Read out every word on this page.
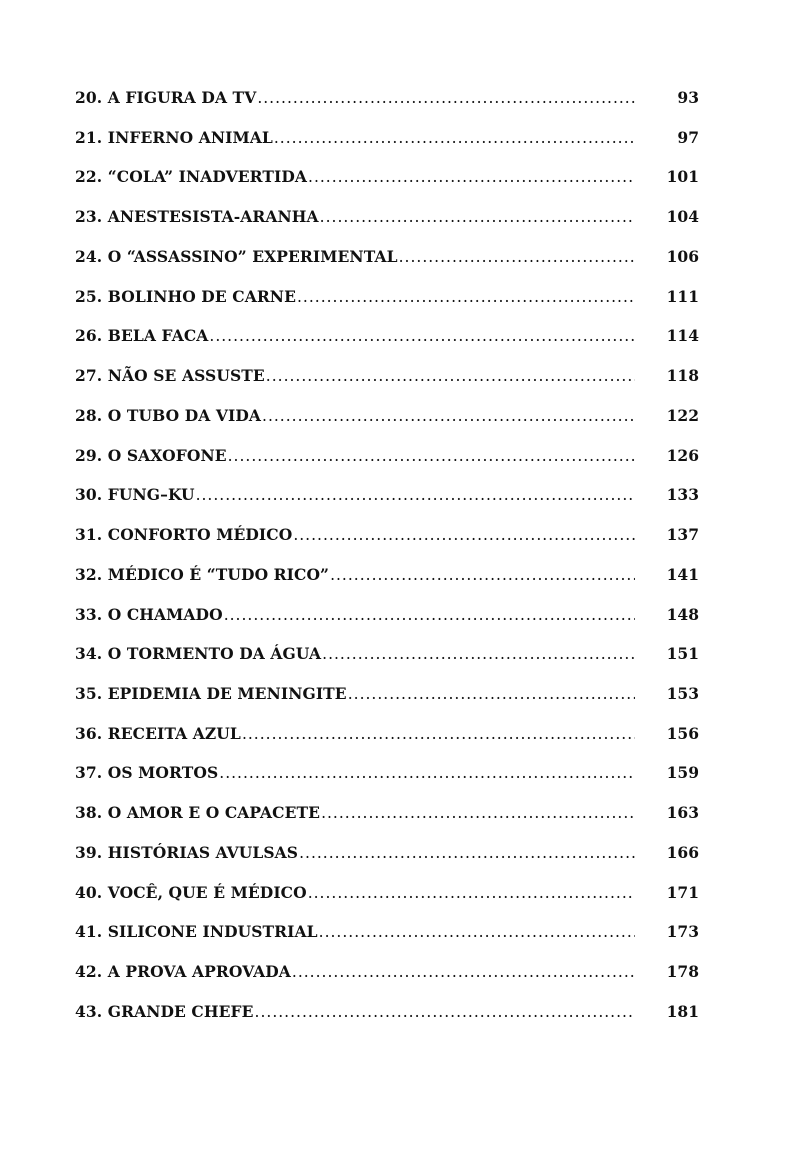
20. A FIGURA DA TV .....	93
21. INFERNO ANIMAL .....	97
22. “COLA” INADVERTIDA .....	101
23. ANESTESISTA-ARANHA .....	104
24. O “ASSASSINO” EXPERIMENTAL .....	106
25. BOLINHO DE CARNE .....	111
26. BELA FACA .....	114
27. NÃO SE ASSUSTE .....	118
28. O TUBO DA VIDA .....	122
29. O SAXOFONE .....	126
30. FUNG–KU .....	133
31. CONFORTO MÉDICO .....	137
32. MÉDICO É “TUDO RICO” .....	141
33. O CHAMADO .....	148
34. O TORMENTO DA ÁGUA .....	151
35. EPIDEMIA DE MENINGITE .....	153
36. RECEITA AZUL .....	156
37. OS MORTOS .....	159
38. O AMOR E O CAPACETE .....	163
39. HISTÓRIAS AVULSAS .....	166
40. VOCÊ, QUE É MÉDICO .....	171
41. SILICONE INDUSTRIAL .....	173
42. A PROVA APROVADA .....	178
43. GRANDE CHEFE .....	181
